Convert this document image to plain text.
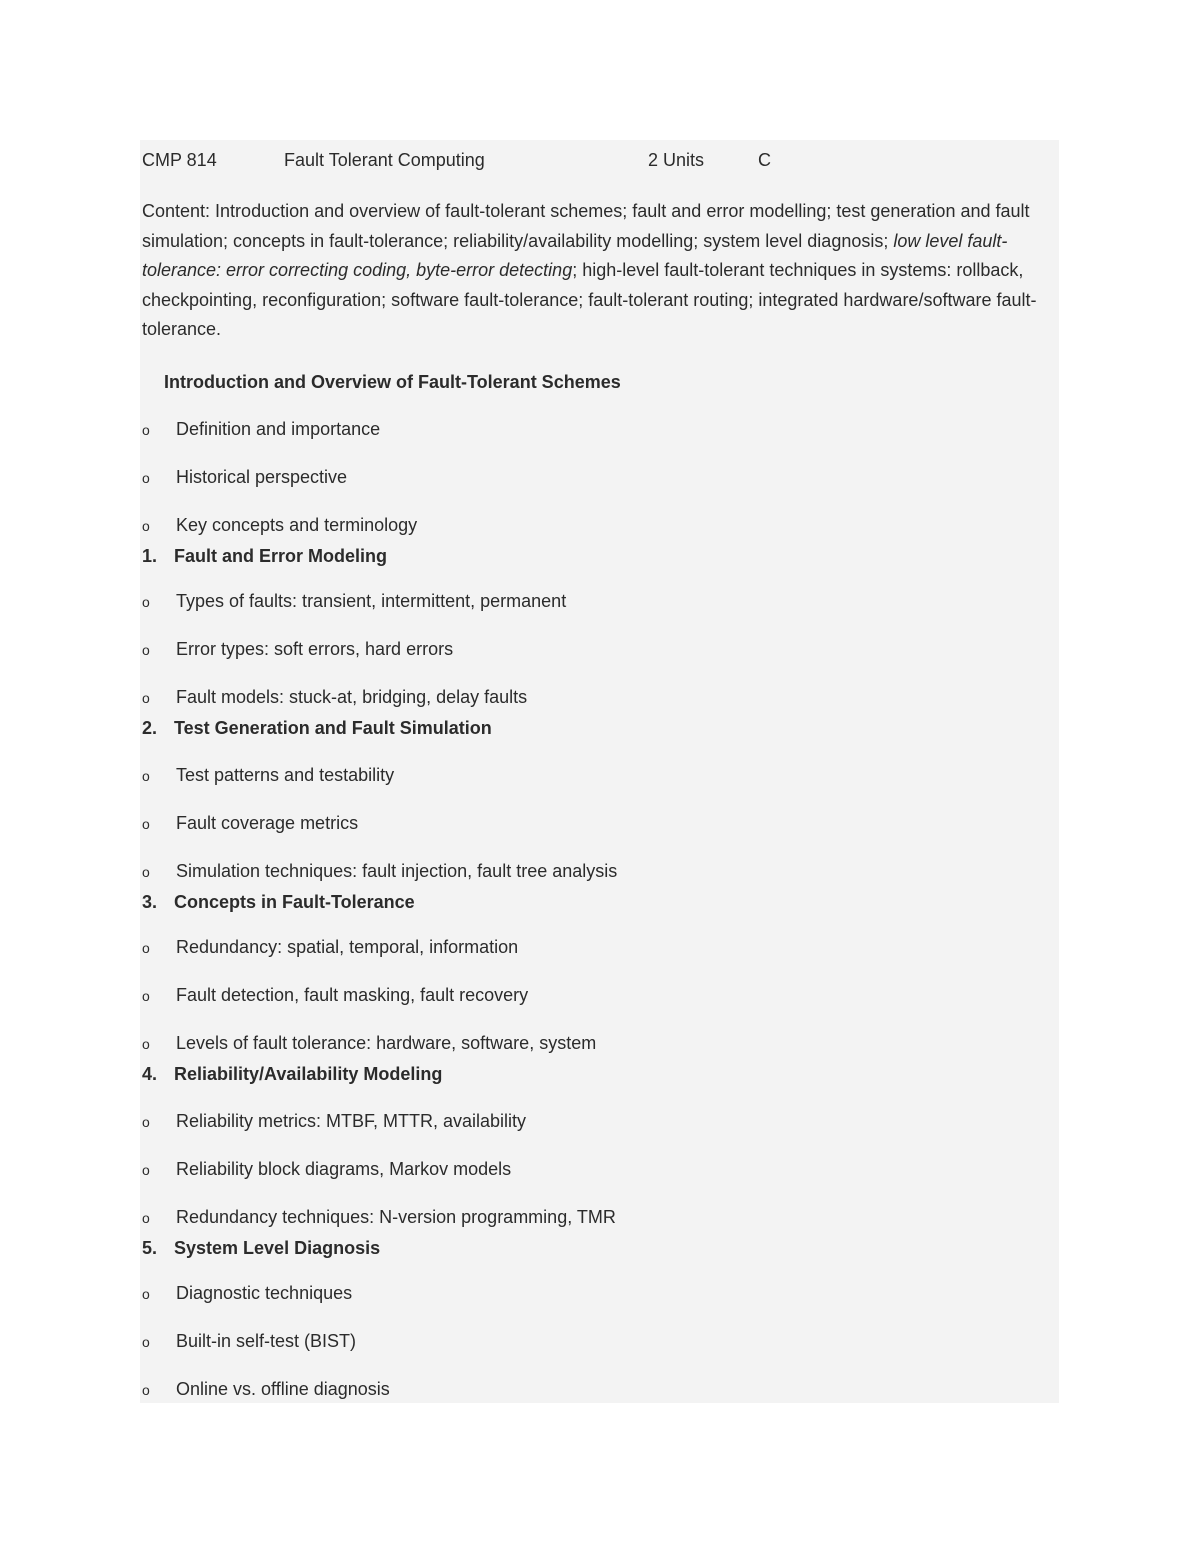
CMP 814	Fault Tolerant Computing	2 Units	C

Content: Introduction and overview of fault-tolerant schemes; fault and error modelling; test generation and fault simulation; concepts in fault-tolerance; reliability/availability modelling; system level diagnosis; low level fault-tolerance: error correcting coding, byte-error detecting; high-level fault-tolerant techniques in systems: rollback, checkpointing, reconfiguration; software fault-tolerance; fault-tolerant routing; integrated hardware/software fault-tolerance.

Introduction and Overview of Fault-Tolerant Schemes
o Definition and importance
o Historical perspective
o Key concepts and terminology
1. Fault and Error Modeling
o Types of faults: transient, intermittent, permanent
o Error types: soft errors, hard errors
o Fault models: stuck-at, bridging, delay faults
2. Test Generation and Fault Simulation
o Test patterns and testability
o Fault coverage metrics
o Simulation techniques: fault injection, fault tree analysis
3. Concepts in Fault-Tolerance
o Redundancy: spatial, temporal, information
o Fault detection, fault masking, fault recovery
o Levels of fault tolerance: hardware, software, system
4. Reliability/Availability Modeling
o Reliability metrics: MTBF, MTTR, availability
o Reliability block diagrams, Markov models
o Redundancy techniques: N-version programming, TMR
5. System Level Diagnosis
o Diagnostic techniques
o Built-in self-test (BIST)
o Online vs. offline diagnosis
